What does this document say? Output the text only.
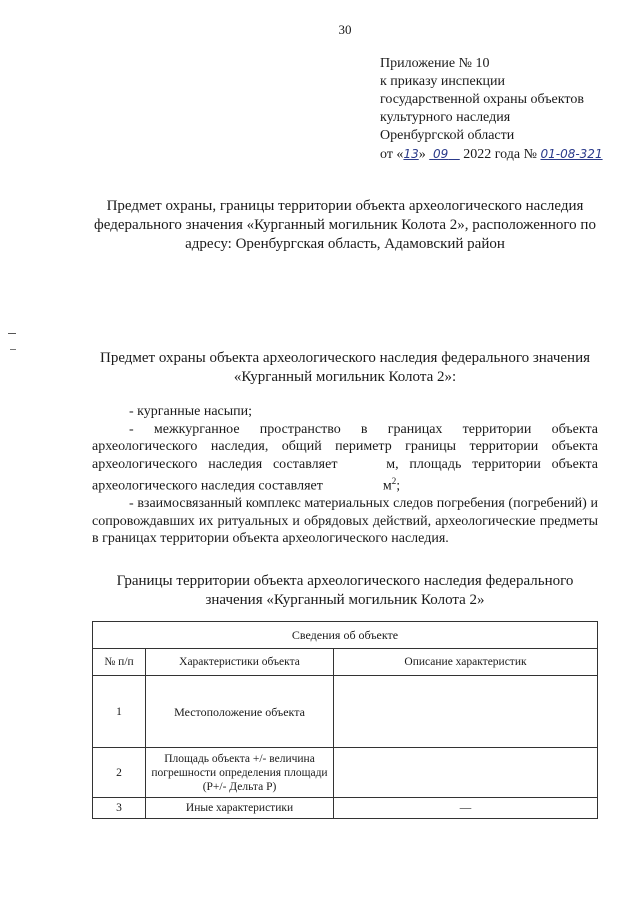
30
Приложение № 10
к приказу инспекции
государственной охраны объектов
культурного наследия
Оренбургской области
от «13» 09 2022 года № 01-08-321
Предмет охраны, границы территории объекта археологического наследия федерального значения «Курганный могильник Колота 2», расположенного по адресу: Оренбургская область, Адамовский район
Предмет охраны объекта археологического наследия федерального значения «Курганный могильник Колота 2»:

- курганные насыпи;

- межкурганное пространство в границах территории объекта археологического наследия, общий периметр границы территории объекта археологического наследия составляет	м, площадь территории объекта археологического наследия составляет	$м^2$;

- взаимосвязанный комплекс материальных следов погребения (погребений) и сопровождавших их ритуальных и обрядовых действий, археологические предметы в границах территории объекта археологического наследия.

Границы территории объекта археологического наследия федерального значения «Курганный могильник Колота 2»
Сведения об объекте		
№ п/п	Характеристики объекта	Описание характеристик
1	Местоположение объекта	
2	Площадь объекта +/- величина погрешности определения площади (Р+/- Дельта Р)	
3	Иные характеристики	—
